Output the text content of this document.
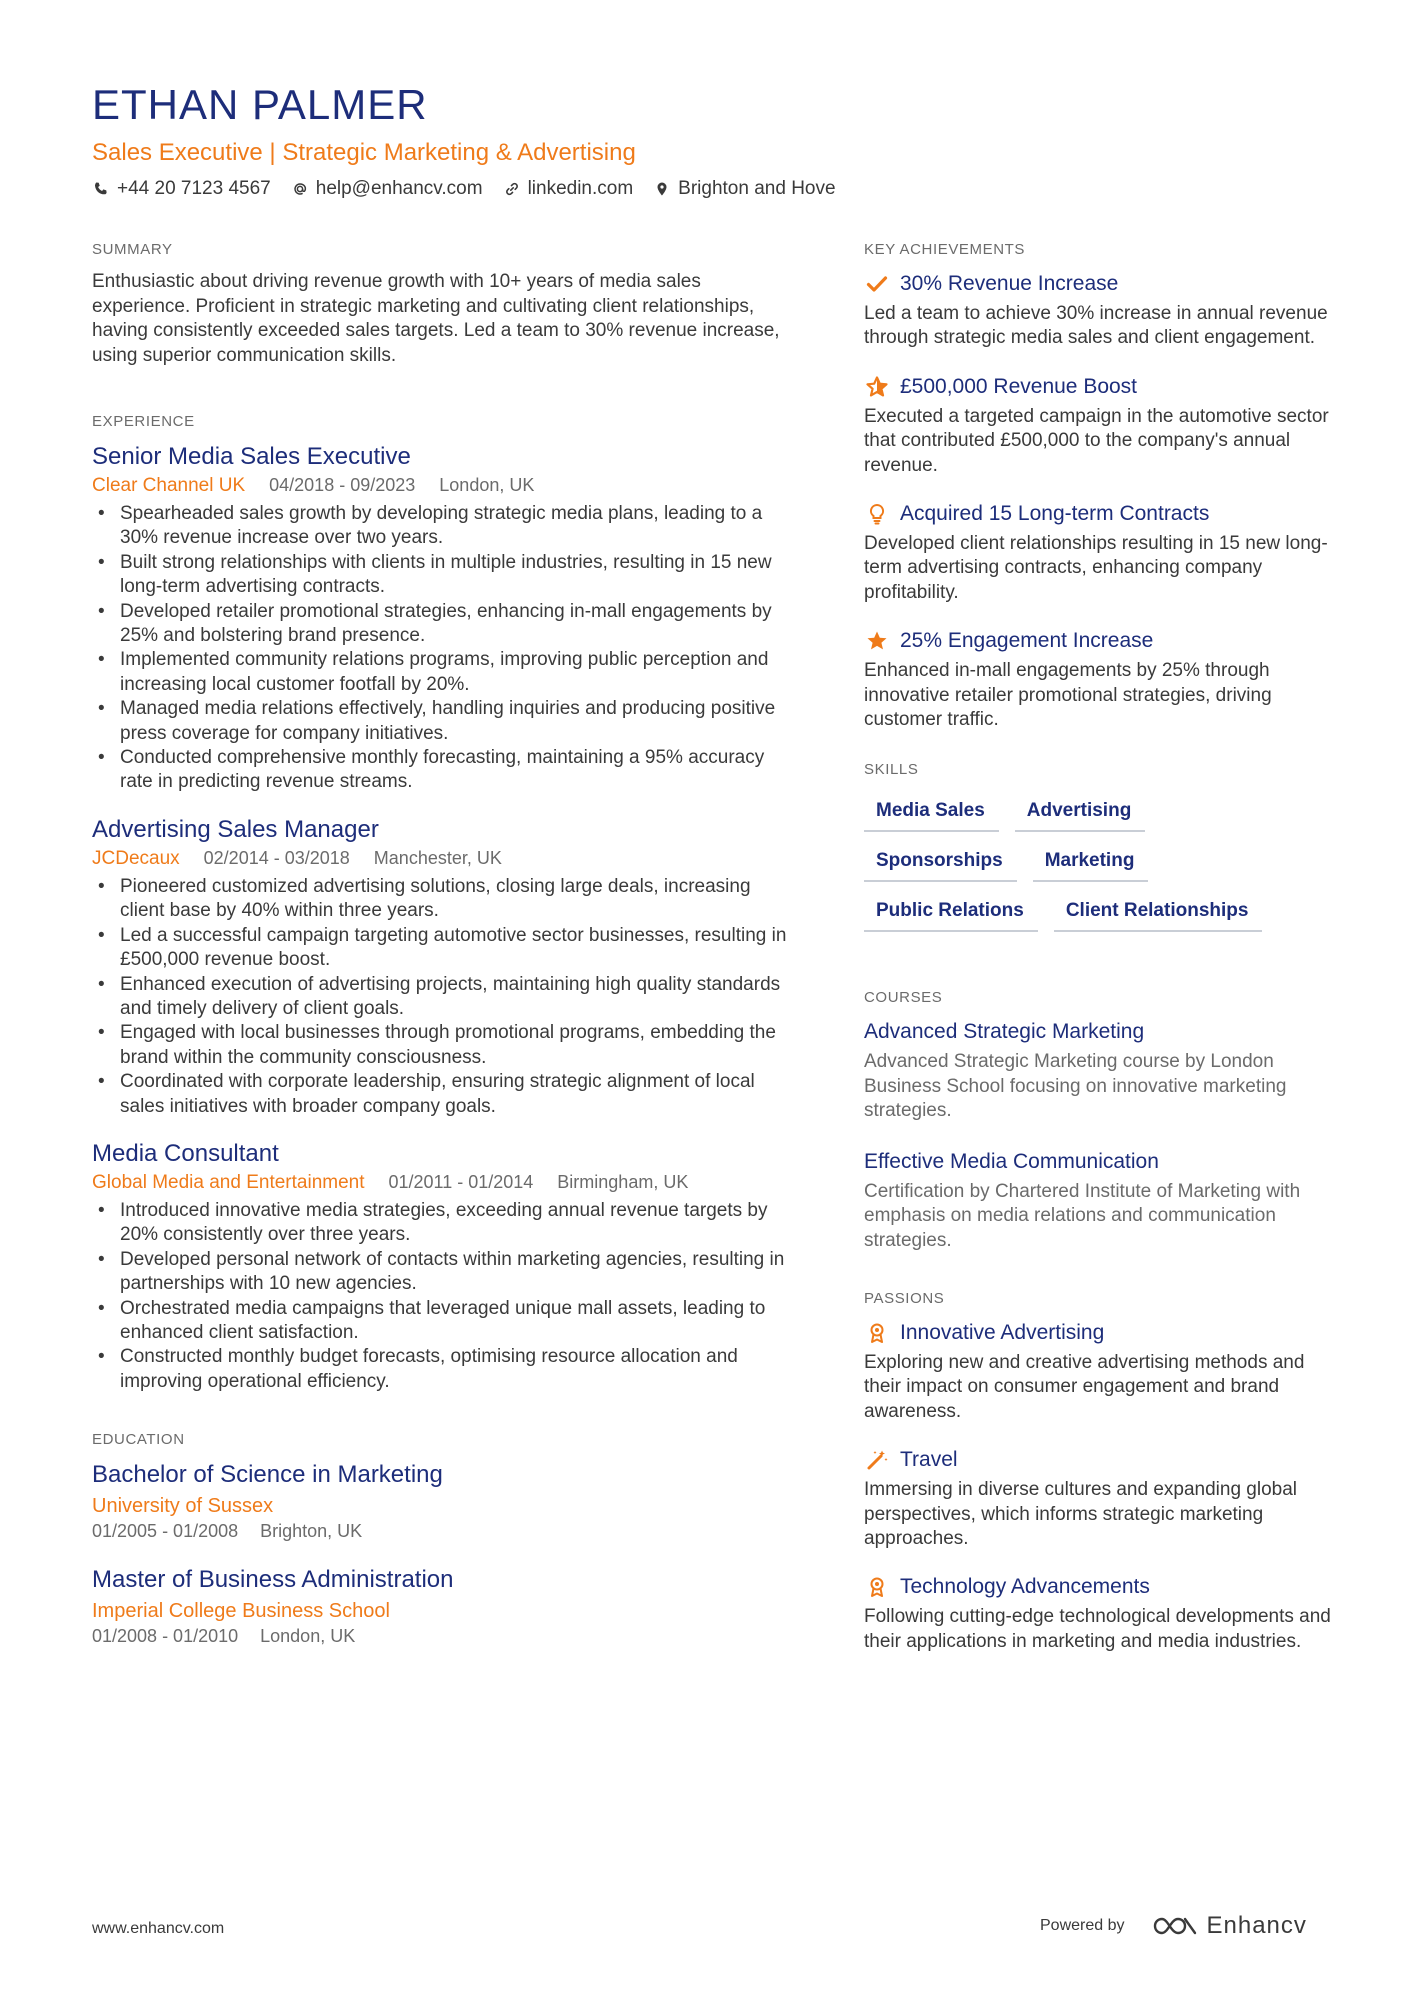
ETHAN PALMER
Sales Executive | Strategic Marketing & Advertising
+44 20 7123 4567 help@enhancv.com linkedin.com Brighton and Hove
SUMMARY
Enthusiastic about driving revenue growth with 10+ years of media sales experience. Proficient in strategic marketing and cultivating client relationships, having consistently exceeded sales targets. Led a team to 30% revenue increase, using superior communication skills.
EXPERIENCE
Senior Media Sales Executive
Clear Channel UK 04/2018 - 09/2023 London, UK
• Spearheaded sales growth by developing strategic media plans, leading to a 30% revenue increase over two years.
• Built strong relationships with clients in multiple industries, resulting in 15 new long-term advertising contracts.
• Developed retailer promotional strategies, enhancing in-mall engagements by 25% and bolstering brand presence.
• Implemented community relations programs, improving public perception and increasing local customer footfall by 20%.
• Managed media relations effectively, handling inquiries and producing positive press coverage for company initiatives.
• Conducted comprehensive monthly forecasting, maintaining a 95% accuracy rate in predicting revenue streams.
Advertising Sales Manager
JCDecaux 02/2014 - 03/2018 Manchester, UK
• Pioneered customized advertising solutions, closing large deals, increasing client base by 40% within three years.
• Led a successful campaign targeting automotive sector businesses, resulting in £500,000 revenue boost.
• Enhanced execution of advertising projects, maintaining high quality standards and timely delivery of client goals.
• Engaged with local businesses through promotional programs, embedding the brand within the community consciousness.
• Coordinated with corporate leadership, ensuring strategic alignment of local sales initiatives with broader company goals.
Media Consultant
Global Media and Entertainment 01/2011 - 01/2014 Birmingham, UK
• Introduced innovative media strategies, exceeding annual revenue targets by 20% consistently over three years.
• Developed personal network of contacts within marketing agencies, resulting in partnerships with 10 new agencies.
• Orchestrated media campaigns that leveraged unique mall assets, leading to enhanced client satisfaction.
• Constructed monthly budget forecasts, optimising resource allocation and improving operational efficiency.
EDUCATION
Bachelor of Science in Marketing
University of Sussex
01/2005 - 01/2008 Brighton, UK
Master of Business Administration
Imperial College Business School
01/2008 - 01/2010 London, UK
KEY ACHIEVEMENTS
30% Revenue Increase
Led a team to achieve 30% increase in annual revenue through strategic media sales and client engagement.
£500,000 Revenue Boost
Executed a targeted campaign in the automotive sector that contributed £500,000 to the company's annual revenue.
Acquired 15 Long-term Contracts
Developed client relationships resulting in 15 new long-term advertising contracts, enhancing company profitability.
25% Engagement Increase
Enhanced in-mall engagements by 25% through innovative retailer promotional strategies, driving customer traffic.
SKILLS
Media Sales	Advertising
Sponsorships	Marketing
Public Relations	Client Relationships
COURSES
Advanced Strategic Marketing
Advanced Strategic Marketing course by London Business School focusing on innovative marketing strategies.
Effective Media Communication
Certification by Chartered Institute of Marketing with emphasis on media relations and communication strategies.
PASSIONS
Innovative Advertising
Exploring new and creative advertising methods and their impact on consumer engagement and brand awareness.
Travel
Immersing in diverse cultures and expanding global perspectives, which informs strategic marketing approaches.
Technology Advancements
Following cutting-edge technological developments and their applications in marketing and media industries.
www.enhancv.com	Powered by	Enhancv
